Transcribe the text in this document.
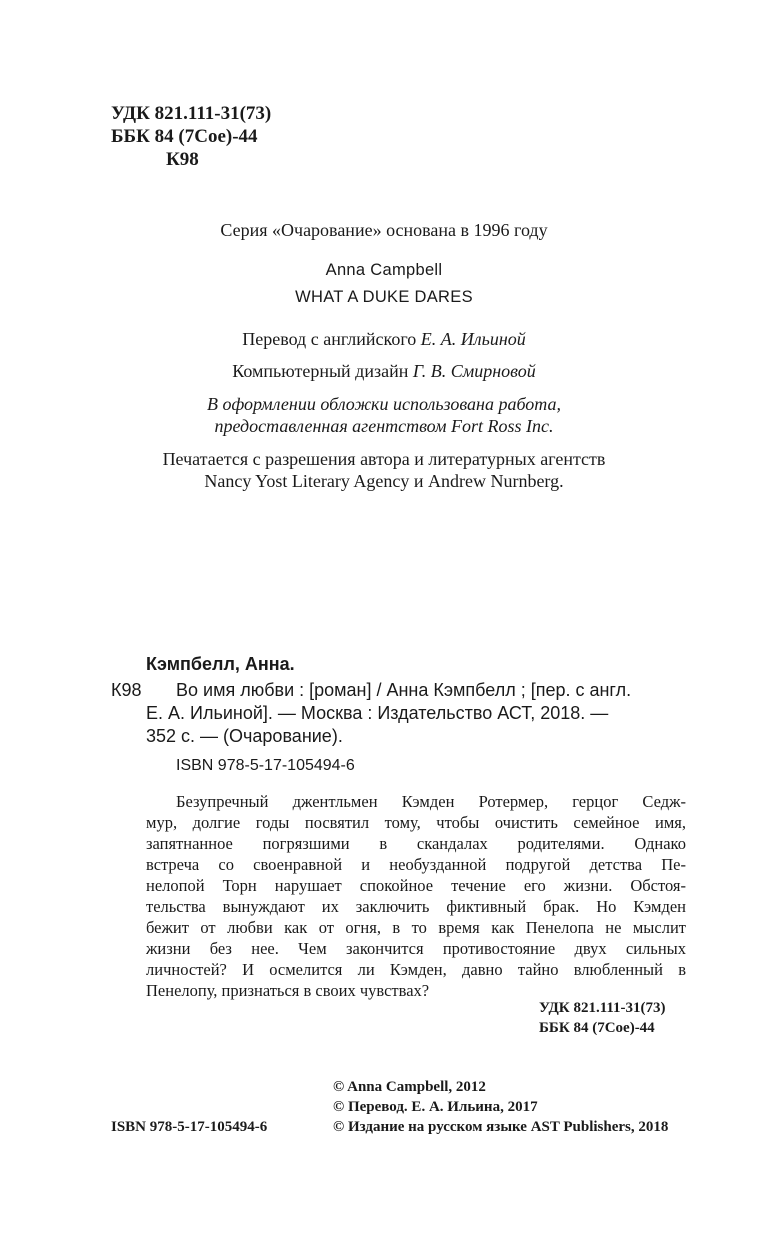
УДК 821.111-31(73)
ББК 84 (7Сое)-44
К98
Серия «Очарование» основана в 1996 году
Anna Campbell
WHAT A DUKE DARES
Перевод с английского Е. А. Ильиной
Компьютерный дизайн Г. В. Смирновой
В оформлении обложки использована работа,
предоставленная агентством Fort Ross Inc.
Печатается с разрешения автора и литературных агентств
Nancy Yost Literary Agency и Andrew Nurnberg.
Кэмпбелл, Анна.
К98 Во имя любви : [роман] / Анна Кэмпбелл ; [пер. с англ.
Е. А. Ильиной]. — Москва : Издательство АСТ, 2018. —
352 с. — (Очарование).
ISBN 978-5-17-105494-6
Безупречный джентльмен Кэмден Ротермер, герцог Седж-
мур, долгие годы посвятил тому, чтобы очистить семейное имя,
запятнанное погрязшими в скандалах родителями. Однако
встреча со своенравной и необузданной подругой детства Пе-
нелопой Торн нарушает спокойное течение его жизни. Обстоя-
тельства вынуждают их заключить фиктивный брак. Но Кэмден
бежит от любви как от огня, в то время как Пенелопа не мыслит
жизни без нее. Чем закончится противостояние двух сильных
личностей? И осмелится ли Кэмден, давно тайно влюбленный в
Пенелопу, признаться в своих чувствах?
УДК 821.111-31(73)
ББК 84 (7Сое)-44
© Anna Campbell, 2012
© Перевод. Е. А. Ильина, 2017
ISBN 978-5-17-105494-6	© Издание на русском языке AST Publishers, 2018
